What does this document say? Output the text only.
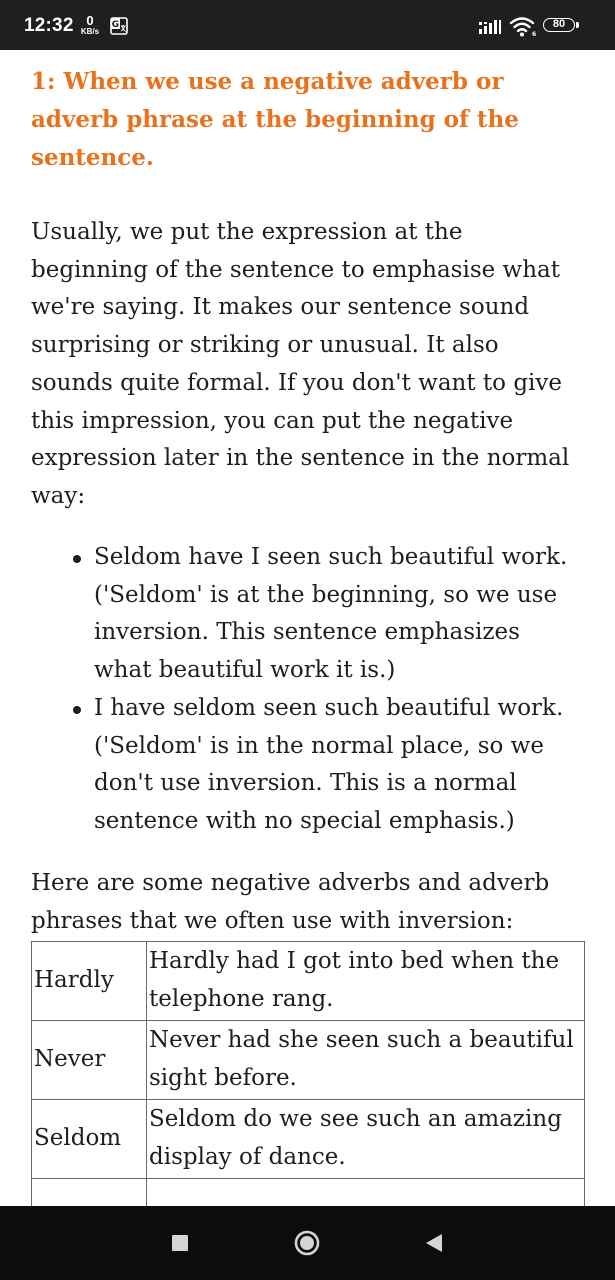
12:32 0
KB/s
G
6
80
1: When we use a negative adverb or
adverb phrase at the beginning of the
sentence.

Usually, we put the expression at the
beginning of the sentence to emphasise what
we're saying. It makes our sentence sound
surprising or striking or unusual. It also
sounds quite formal. If you don't want to give
this impression, you can put the negative
expression later in the sentence in the normal
way:

Seldom have I seen such beautiful work.
('Seldom' is at the beginning, so we use
inversion. This sentence emphasizes
what beautiful work it is.)
I have seldom seen such beautiful work.
('Seldom' is in the normal place, so we
don't use inversion. This is a normal
sentence with no special emphasis.)

Here are some negative adverbs and adverb
phrases that we often use with inversion:

Hardly	Hardly had I got into bed when the
telephone rang.

Never	Never had she seen such a beautiful
sight before.

Seldom	Seldom do we see such an amazing
display of dance.
